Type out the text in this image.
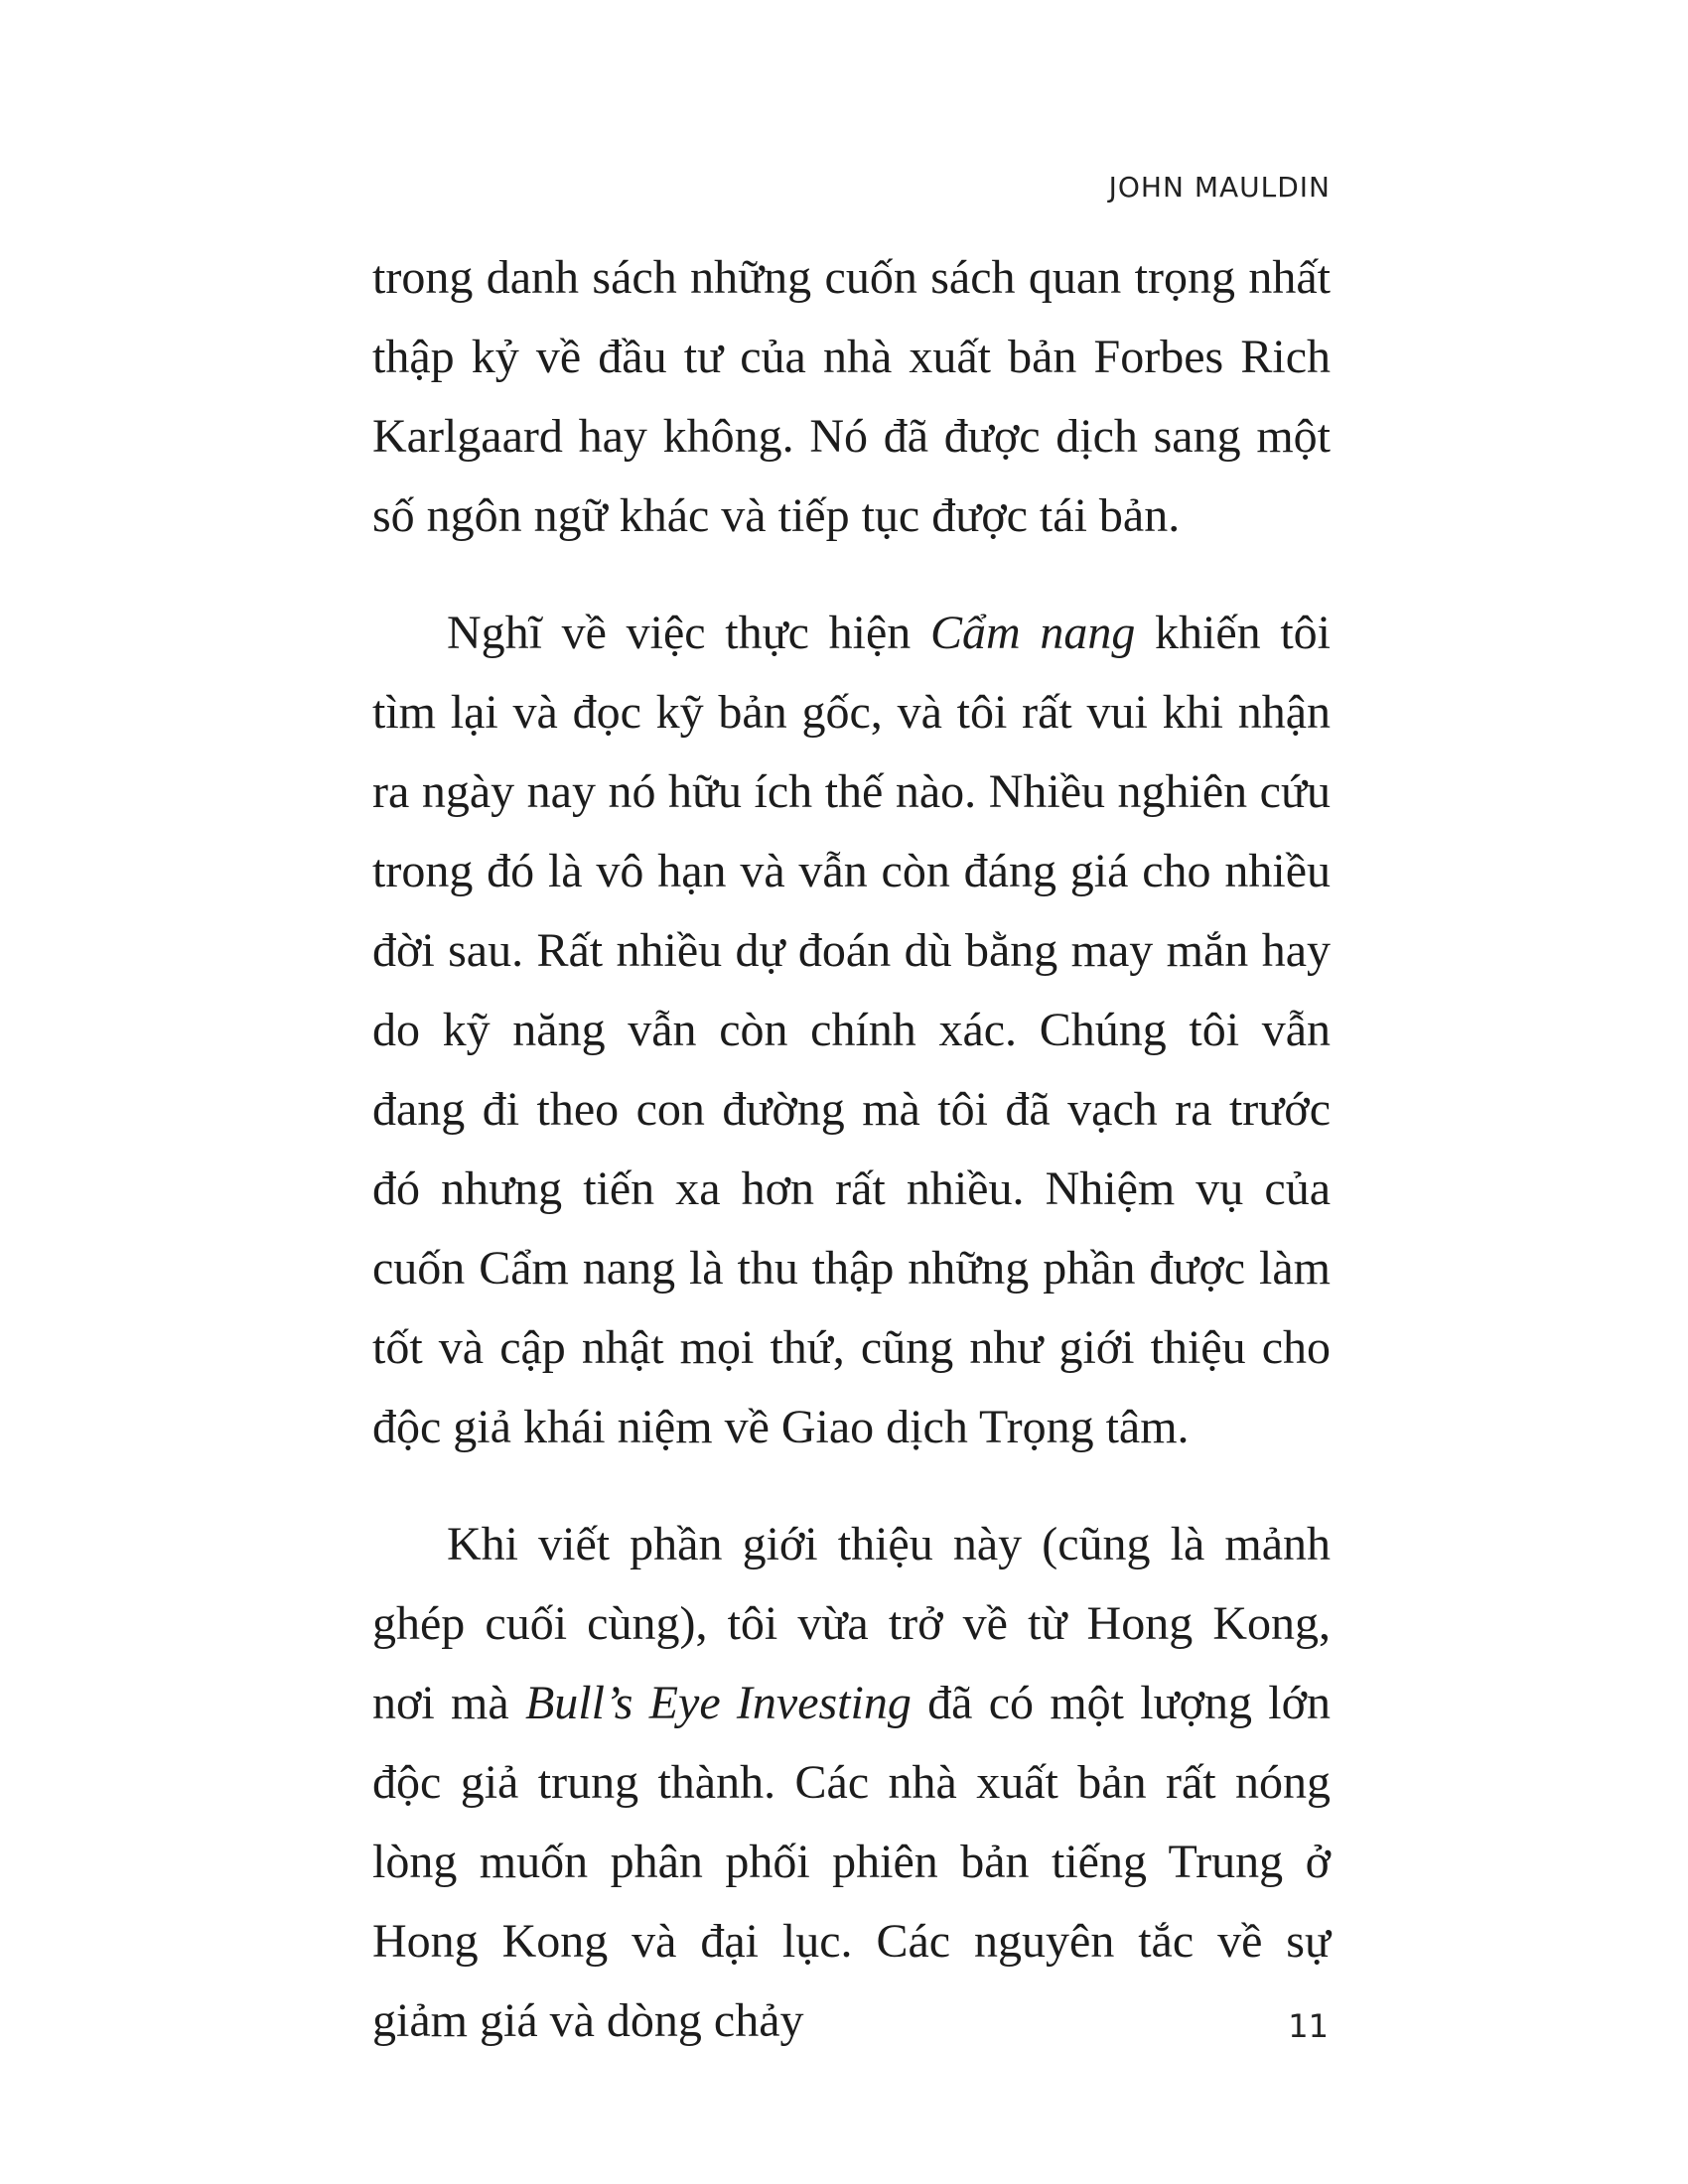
JOHN MAULDIN

trong danh sách những cuốn sách quan trọng nhất thập kỷ về đầu tư của nhà xuất bản Forbes Rich Karlgaard hay không. Nó đã được dịch sang một số ngôn ngữ khác và tiếp tục được tái bản.

Nghĩ về việc thực hiện Cẩm nang khiến tôi tìm lại và đọc kỹ bản gốc, và tôi rất vui khi nhận ra ngày nay nó hữu ích thế nào. Nhiều nghiên cứu trong đó là vô hạn và vẫn còn đáng giá cho nhiều đời sau. Rất nhiều dự đoán dù bằng may mắn hay do kỹ năng vẫn còn chính xác. Chúng tôi vẫn đang đi theo con đường mà tôi đã vạch ra trước đó nhưng tiến xa hơn rất nhiều. Nhiệm vụ của cuốn Cẩm nang là thu thập những phần được làm tốt và cập nhật mọi thứ, cũng như giới thiệu cho độc giả khái niệm về Giao dịch Trọng tâm.

Khi viết phần giới thiệu này (cũng là mảnh ghép cuối cùng), tôi vừa trở về từ Hong Kong, nơi mà Bull’s Eye Investing đã có một lượng lớn độc giả trung thành. Các nhà xuất bản rất nóng lòng muốn phân phối phiên bản tiếng Trung ở Hong Kong và đại lục. Các nguyên tắc về sự giảm giá và dòng chảy	11
